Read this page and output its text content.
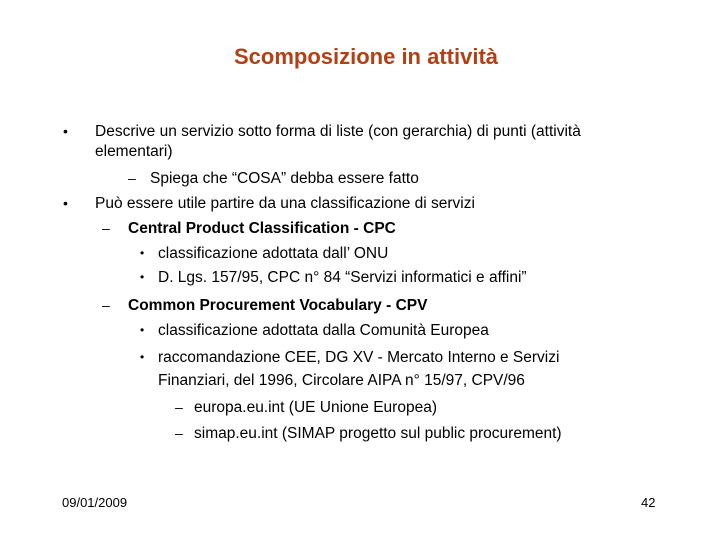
Scomposizione in attività
• Descrive un servizio sotto forma di liste (con gerarchia) di punti (attività
elementari)
– Spiega che “COSA” debba essere fatto
• Può essere utile partire da una classificazione di servizi
– Central Product Classification - CPC
• classificazione adottata dall’ ONU
• D. Lgs. 157/95, CPC n° 84 “Servizi informatici e affini”
– Common Procurement Vocabulary - CPV
• classificazione adottata dalla Comunità Europea
• raccomandazione CEE, DG XV - Mercato Interno e Servizi
Finanziari, del 1996, Circolare AIPA n° 15/97, CPV/96
– europa.eu.int (UE Unione Europea)
– simap.eu.int (SIMAP progetto sul public procurement)
09/01/2009	42
